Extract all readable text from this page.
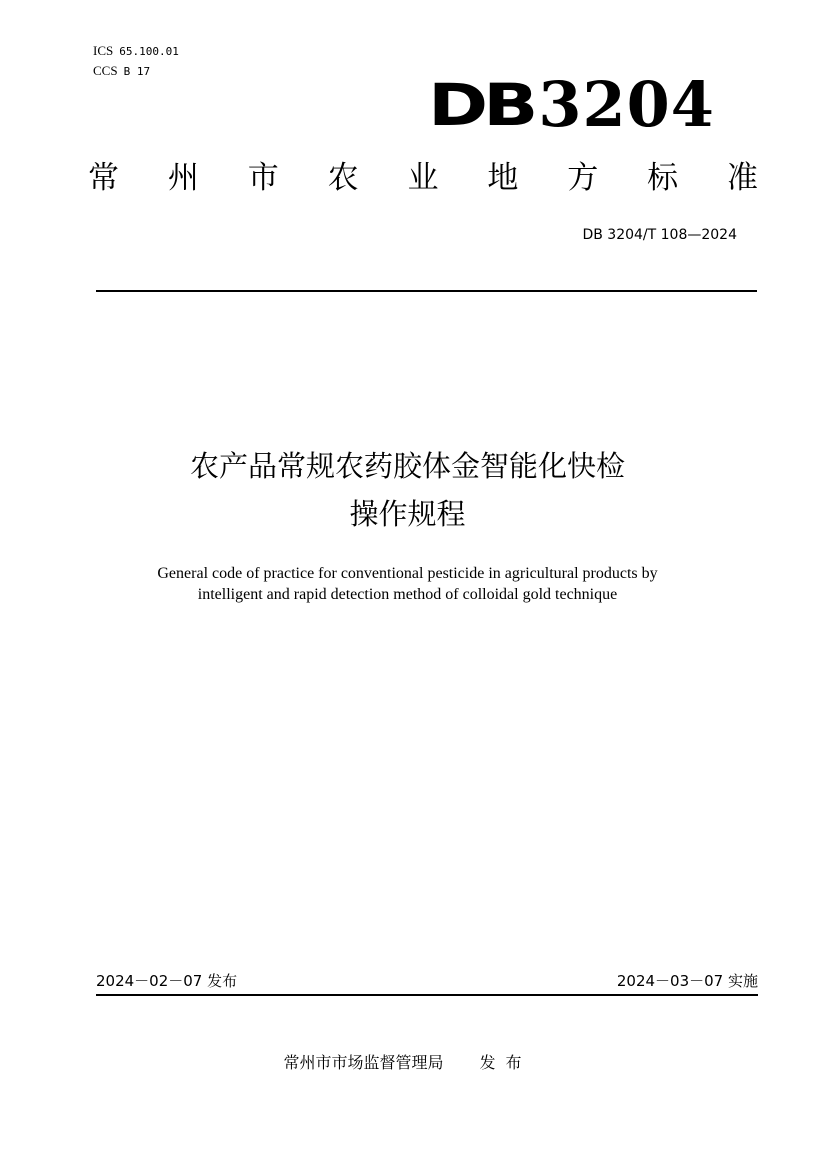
ICS 65.100.01
CCS B 17	DB 3204
常 州 市 农 业 地 方 标 准
DB 3204/T 108—2024
农产品常规农药胶体金智能化快检
操作规程
General code of practice for conventional pesticide in agricultural products by
intelligent and rapid detection method of colloidal gold technique
2024－02－07 发布	2024－03－07 实施
常州市市场监督管理局 发布
